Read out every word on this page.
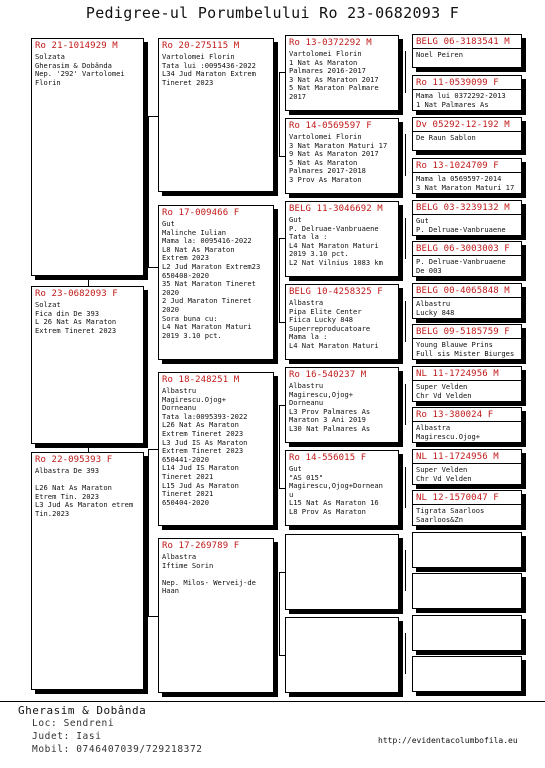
Pedigree-ul Porumbelului Ro 23-0682093 F
Ro 21-1014929 M
Solzata
Gherasim & Dobânda
Nep. '292' Vartolomei
Florin
Ro 23-0682093 F
Solzat
Fica din De 393
L 26 Nat As Maraton
Extrem Tineret 2023
Ro 22-095393 F
Albastra De 393

L26 Nat As Maraton
Etrem Tin. 2023
L3 Jud As Maraton etrem
Tin.2023
Ro 20-275115 M
Vartolomei Florin
Tata lui :0095436-2022
L34 Jud Maraton Extrem
Tineret 2023
Ro 17-009466 F
Gut
Malinche Iulian
Mama la: 0095416-2022
L8 Nat As Maraton
Extrem 2023
L2 Jud Maraton Extrem23
650408-2020
35 Nat Maraton Tineret
2020
2 Jud Maraton Tineret
2020
Sora buna cu:
L4 Nat Maraton Maturi
2019 3.10 pct.
Ro 18-248251 M
Albastru
Magirescu.Ojog+
Dorneanu
Tata la:0095393-2022
L26 Nat As Maraton
Extrem Tineret 2023
L3 Jud IS As Maraton
Extrem Tineret 2023
650441-2020
L14 Jud IS Maraton
Tineret 2021
L15 Jud As Maraton
Tineret 2021
650404-2020
Ro 17-269789 F
Albastra
Iftime Sorin

Nep. Milos- Werveij-de
Haan
Ro 13-0372292 M
Vartolomei Florin
1 Nat As Maraton
Palmares 2016-2017
3 Nat As Maraton 2017
5 Nat Maraton Palmare
2017
Ro 14-0569597 F
Vartolomei Florin
3 Nat Maraton Maturi 17
9 Nat As Maraton 2017
5 Nat As Maraton
Palmares 2017-2018
3 Prov As Maraton
BELG 11-3046692 M
Gut
P. Delruae-Vanbruaene
Tata la :
L4 Nat Maraton Maturi
2019 3.10 pct.
L2 Nat Vilnius 1083 km
BELG 10-4258325 F
Albastra
Pipa Elite Center
Fiica Lucky 848
Superreproducatoare
Mama la :
L4 Nat Maraton Maturi
Ro 16-540237 M
Albastru
Magirescu,Ojog+
Dorneanu
L3 Prov Palmares As
Maraton 3 Ani 2019
L30 Nat Palmares As
Ro 14-556015 F
Gut
"AS 015"
Magirescu,Ojog+Dornean
u
L15 Nat As Maraton 16
L8 Prov As Maraton
BELG 06-3183541 M
Noel Peiren
Ro 11-0539099 F
Mama lui 0372292-2013
1 Nat Palmares As
Dv 05292-12-192 M
De Raun Sablon
Ro 13-1024709 F
Mama la 0569597-2014
3 Nat Maraton Maturi 17
BELG 03-3239132 M
Gut
P. Delruae-Vanbruaene
BELG 06-3003003 F
P. Delruae-Vanbruaene
De 003
BELG 00-4065848 M
Albastru
Lucky 848
BELG 09-5185759 F
Young Blauwe Prins
Full sis Mister Biurges
NL 11-1724956 M
Super Velden
Chr Vd Velden
Ro 13-380024 F
Albastra
Magirescu.Ojog+
NL 11-1724956 M
Super Velden
Chr Vd Velden
NL 12-1570047 F
Tigrata Saarloos
Saarloos&Zn
Gherasim & Dobânda
Loc: Sendreni
Judet: Iasi
Mobil: 0746407039/729218372
http://evidentacolumbofila.eu
